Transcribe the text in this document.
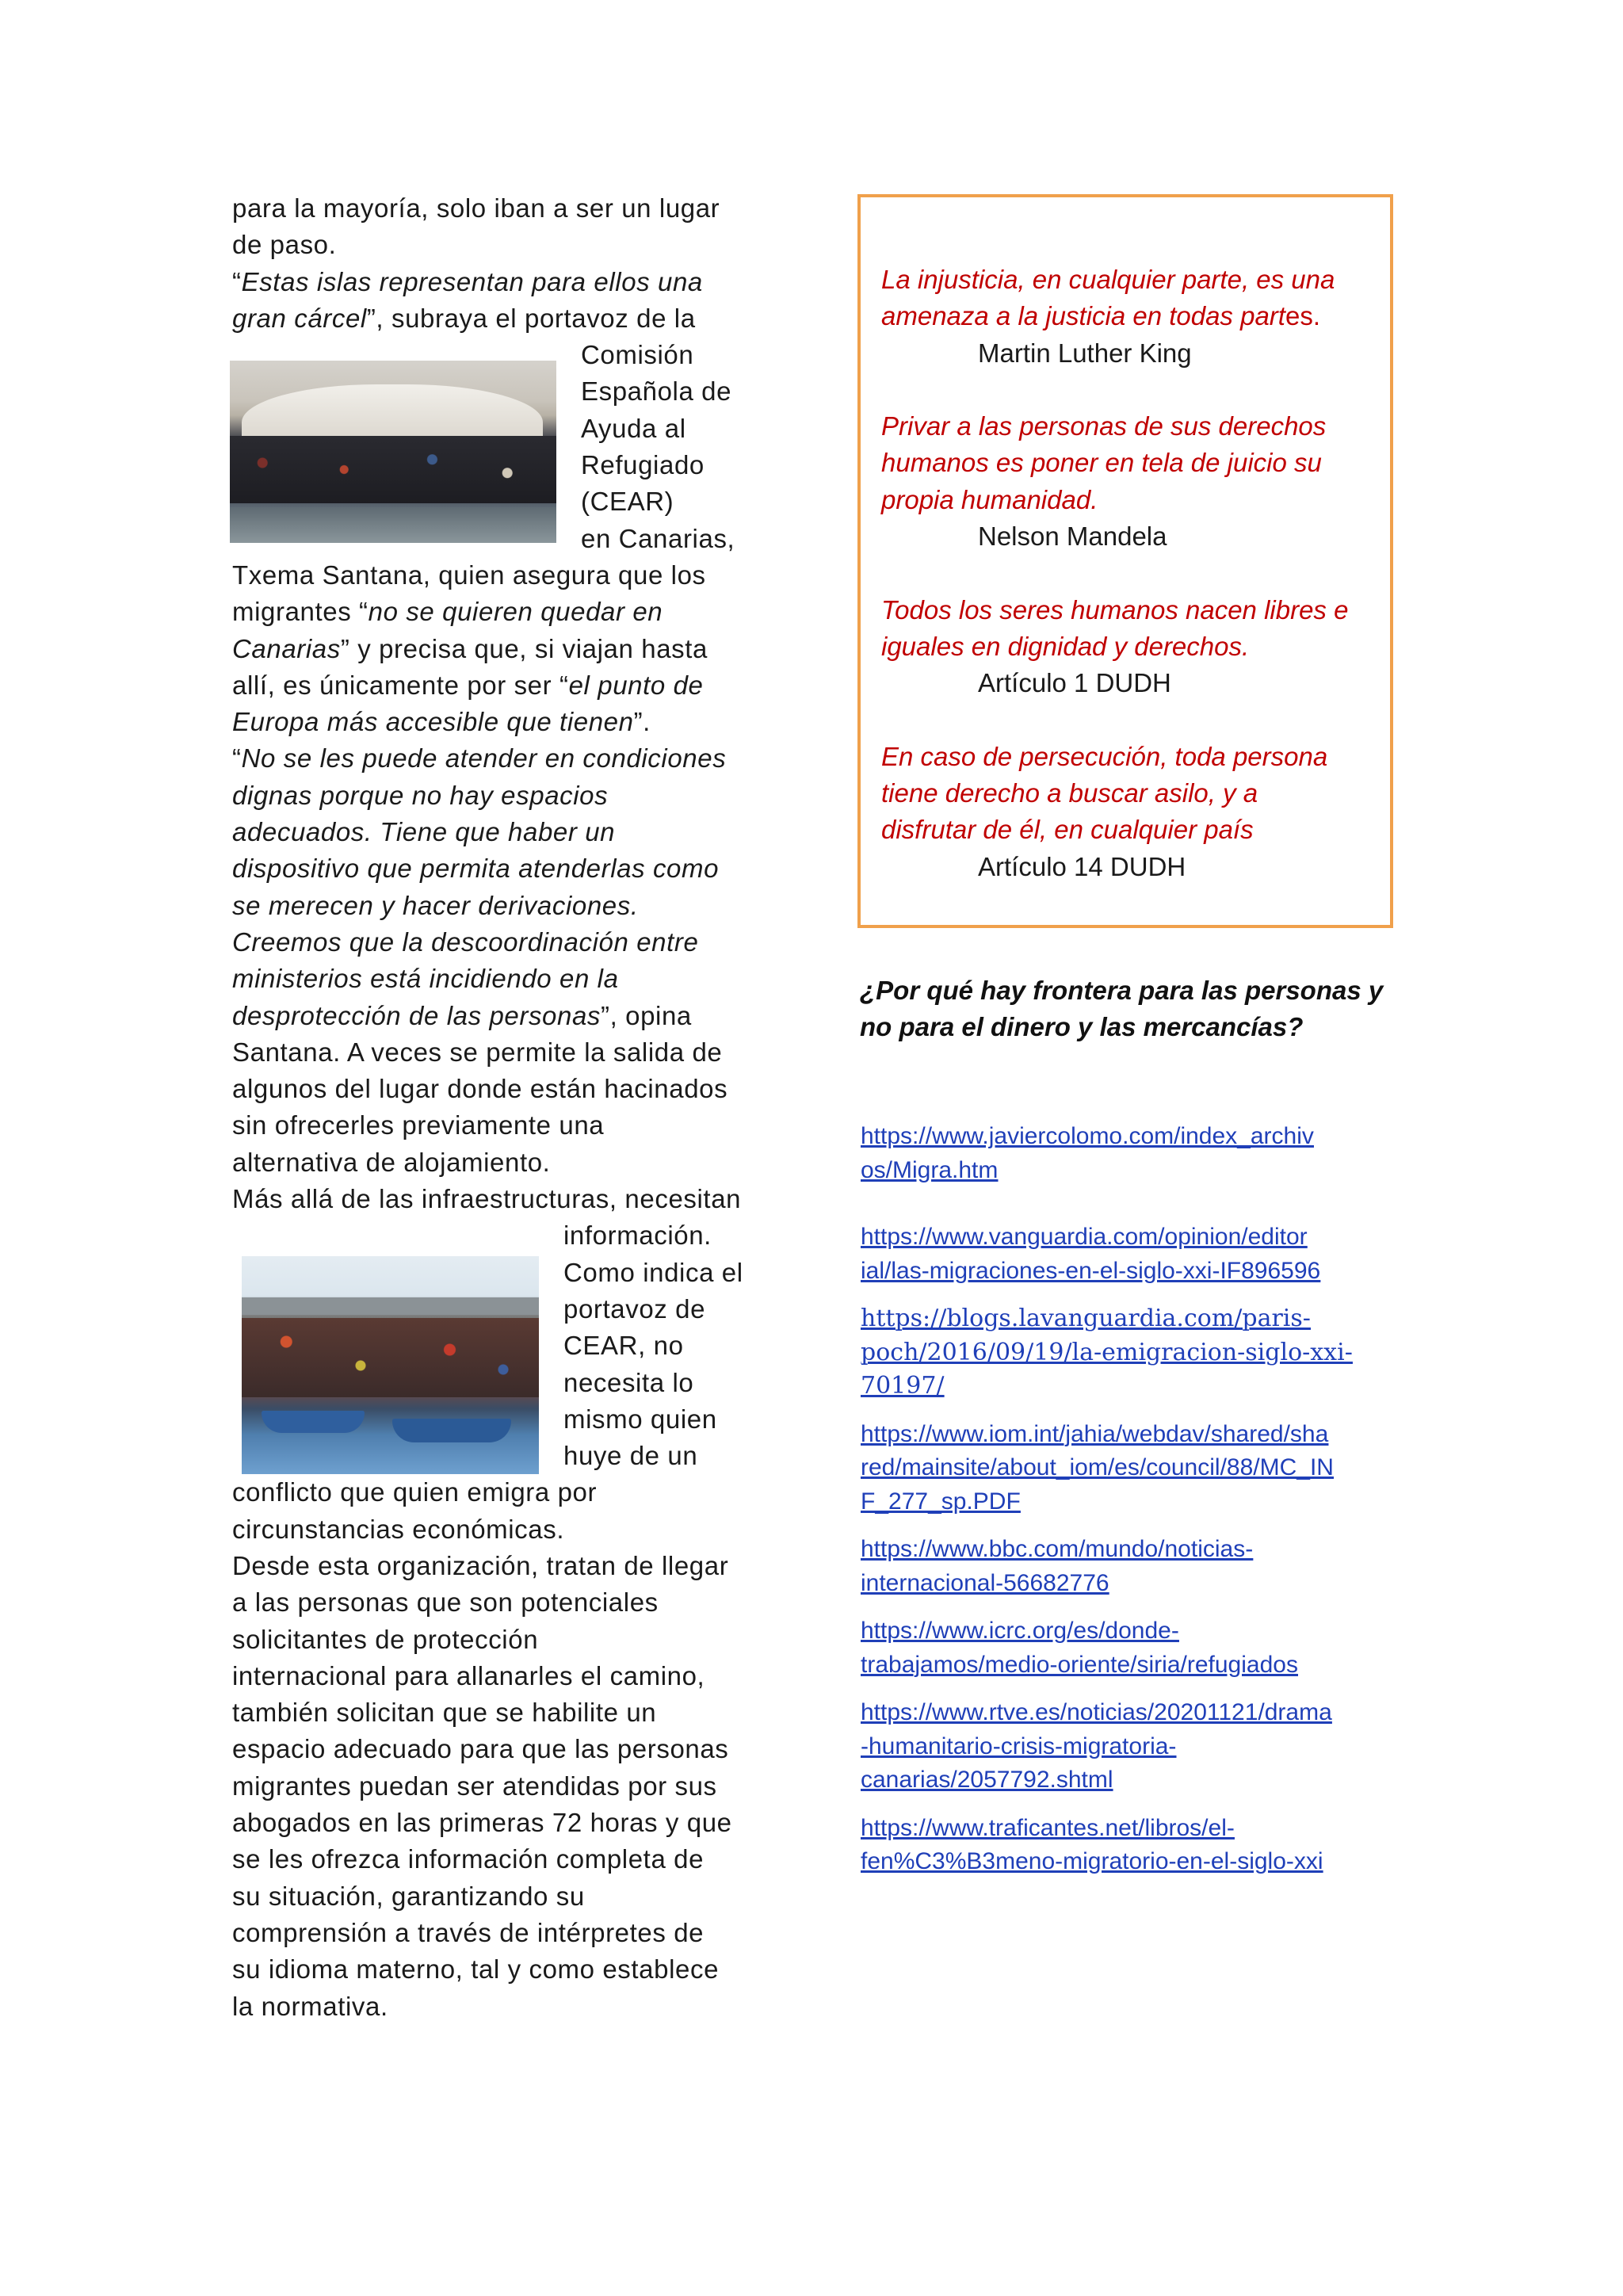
para la mayoría, solo iban a ser un lugar
de paso.
“Estas islas representan para ellos una
gran cárcel”, subraya el portavoz de la
Comisión
Española de
Ayuda al
Refugiado
(CEAR)
en Canarias,
Txema Santana, quien asegura que los
migrantes “no se quieren quedar en
Canarias” y precisa que, si viajan hasta
allí, es únicamente por ser “el punto de
Europa más accesible que tienen”.
“No se les puede atender en condiciones
dignas porque no hay espacios
adecuados. Tiene que haber un
dispositivo que permita atenderlas como
se merecen y hacer derivaciones.
Creemos que la descoordinación entre
ministerios está incidiendo en la
desprotección de las personas”, opina
Santana. A veces se permite la salida de
algunos del lugar donde están hacinados
sin ofrecerles previamente una
alternativa de alojamiento.
Más allá de las infraestructuras, necesitan
información.
Como indica el
portavoz de
CEAR, no
necesita lo
mismo quien
huye de un
conflicto que quien emigra por
circunstancias económicas.
Desde esta organización, tratan de llegar
a las personas que son potenciales
solicitantes de protección
internacional para allanarles el camino,
también solicitan que se habilite un
espacio adecuado para que las personas
migrantes puedan ser atendidas por sus
abogados en las primeras 72 horas y que
se les ofrezca información completa de
su situación, garantizando su
comprensión a través de intérpretes de
su idioma materno, tal y como establece
la normativa.
La injusticia, en cualquier parte, es una
amenaza a la justicia en todas partes.
Martin Luther King
Privar a las personas de sus derechos
humanos es poner en tela de juicio su
propia humanidad.
Nelson Mandela
Todos los seres humanos nacen libres e
iguales en dignidad y derechos.
Artículo 1 DUDH
En caso de persecución, toda persona
tiene derecho a buscar asilo, y a
disfrutar de él, en cualquier país
Artículo 14 DUDH
¿Por qué hay frontera para las personas y
no para el dinero y las mercancías?
https://www.javiercolomo.com/index_archiv
os/Migra.htm
https://www.vanguardia.com/opinion/editor
ial/las-migraciones-en-el-siglo-xxi-IF896596
https://blogs.lavanguardia.com/paris-
poch/2016/09/19/la-emigracion-siglo-xxi-
70197/
https://www.iom.int/jahia/webdav/shared/sha
red/mainsite/about_iom/es/council/88/MC_IN
F_277_sp.PDF
https://www.bbc.com/mundo/noticias-
internacional-56682776
https://www.icrc.org/es/donde-
trabajamos/medio-oriente/siria/refugiados
https://www.rtve.es/noticias/20201121/drama
-humanitario-crisis-migratoria-
canarias/2057792.shtml
https://www.traficantes.net/libros/el-
fen%C3%B3meno-migratorio-en-el-siglo-xxi
